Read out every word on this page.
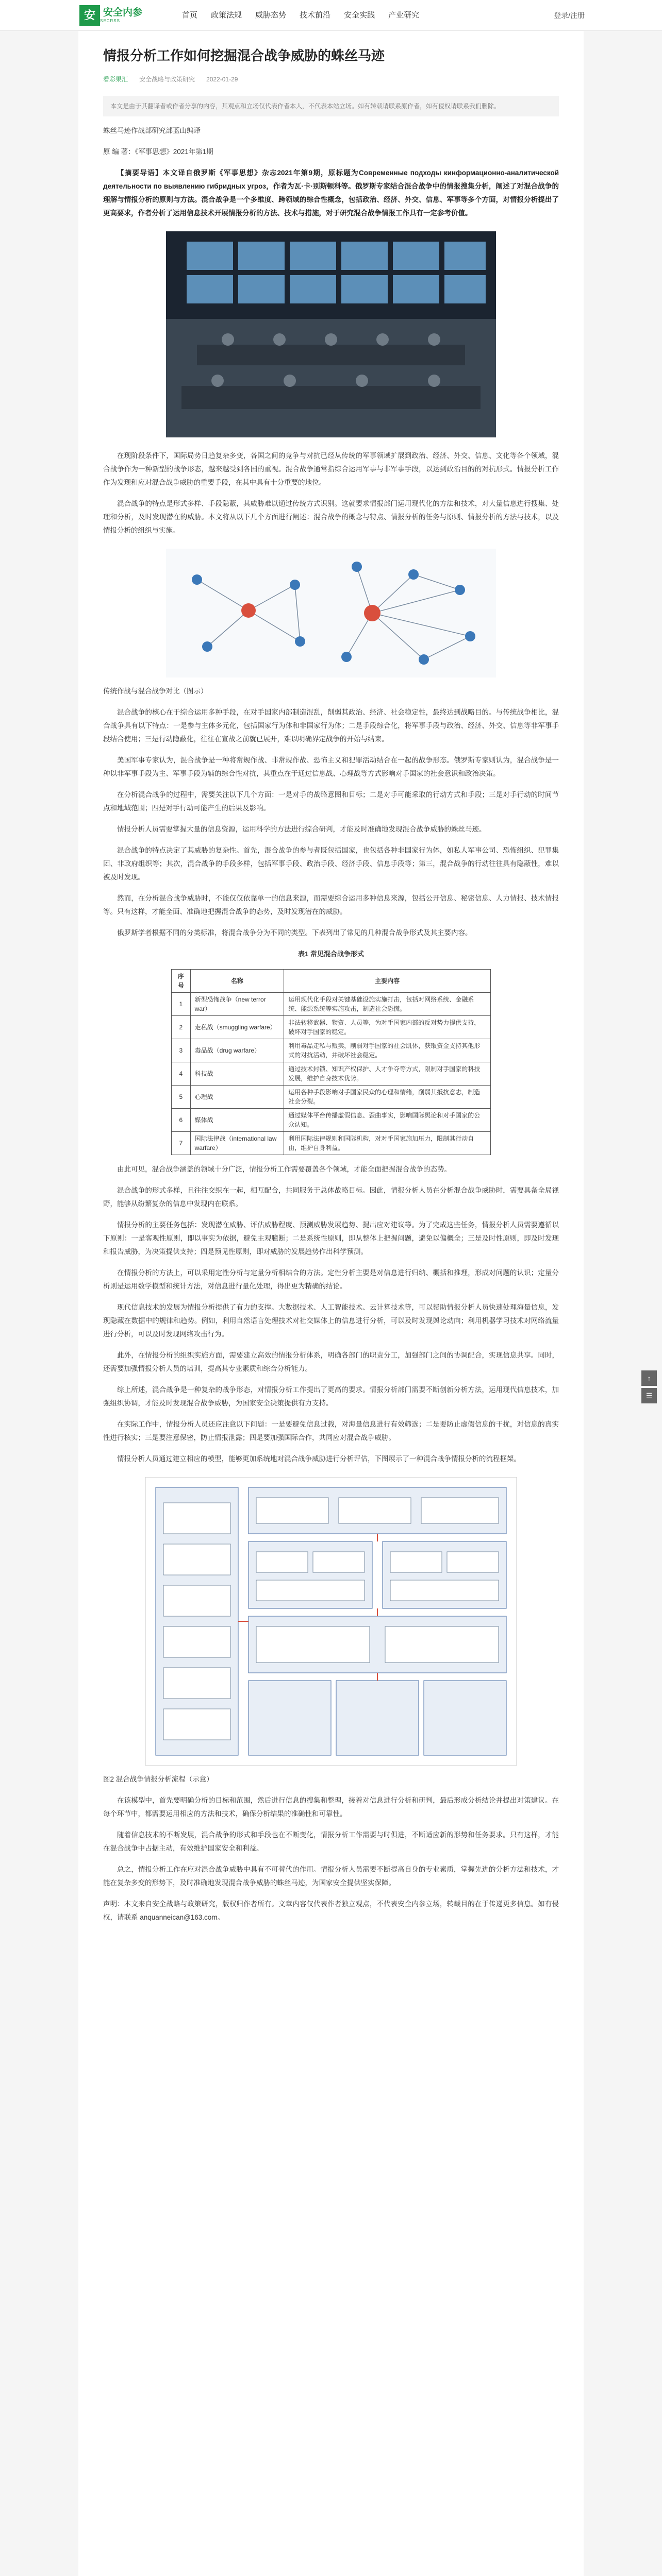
安 安全内参
SECRSS
首页	政策法规	威胁态势	技术前沿	安全实践	产业研究	登录/注册
情报分析工作如何挖掘混合战争威胁的蛛丝马迹
看彩果汇 安全战略与政策研究 2022-01-29
本文是由于其翻译者或作者分享的内容，其观点和立场仅代表作者本人，不代表本站立场。如有转载请联系原作者，如有侵权请联系我们删除。

蛛丝马迹作战部研究部蓝山编译

原 编 著：《军事思想》2021年第1期

【摘要导语】本文译自俄罗斯《军事思想》杂志2021年第9期，原标题为Современные подходы кинформационно-аналитической деятельности по выявлению гибридных угроз，作者为瓦·卡·别斯顿科等。俄罗斯专家结合混合战争中的情报搜集分析，阐述了对混合战争的理解与情报分析的原则与方法。混合战争是一个多维度、跨领域的综合性概念，包括政治、经济、外交、信息、军事等多个方面，对情报分析提出了更高要求，作者分析了运用信息技术开展情报分析的方法、技术与措施，对于研究混合战争情报工作具有一定参考价值。

在现阶段条件下，国际局势日趋复杂多变，各国之间的竞争与对抗已经从传统的军事领域扩展到政治、经济、外交、信息、文化等各个领域，混合战争作为一种新型的战争形态，越来越受到各国的重视。混合战争通常指综合运用军事与非军事手段，以达到政治目的的对抗形式。情报分析工作作为发现和应对混合战争威胁的重要手段，在其中具有十分重要的地位。

混合战争的特点是形式多样、手段隐蔽，其威胁难以通过传统方式识别。这就要求情报部门运用现代化的方法和技术，对大量信息进行搜集、处理和分析，及时发现潜在的威胁。本文将从以下几个方面进行阐述：混合战争的概念与特点、情报分析的任务与原则、情报分析的方法与技术，以及情报分析的组织与实施。

传统作战与混合战争对比（图示）

混合战争的核心在于综合运用多种手段，在对手国家内部制造混乱，削弱其政治、经济、社会稳定性，最终达到战略目的。与传统战争相比，混合战争具有以下特点：一是参与主体多元化，包括国家行为体和非国家行为体；二是手段综合化，将军事手段与政治、经济、外交、信息等非军事手段结合使用；三是行动隐蔽化，往往在宣战之前就已展开，难以明确界定战争的开始与结束。

美国军事专家认为，混合战争是一种将常规作战、非常规作战、恐怖主义和犯罪活动结合在一起的战争形态。俄罗斯专家则认为，混合战争是一种以非军事手段为主、军事手段为辅的综合性对抗，其重点在于通过信息战、心理战等方式影响对手国家的社会意识和政治决策。

在分析混合战争的过程中，需要关注以下几个方面：一是对手的战略意图和目标；二是对手可能采取的行动方式和手段；三是对手行动的时间节点和地域范围；四是对手行动可能产生的后果及影响。

情报分析人员需要掌握大量的信息资源，运用科学的方法进行综合研判，才能及时准确地发现混合战争威胁的蛛丝马迹。

混合战争的特点决定了其威胁的复杂性。首先，混合战争的参与者既包括国家，也包括各种非国家行为体，如私人军事公司、恐怖组织、犯罪集团、非政府组织等；其次，混合战争的手段多样，包括军事手段、政治手段、经济手段、信息手段等；第三，混合战争的行动往往具有隐蔽性，难以被及时发现。

然而，在分析混合战争威胁时，不能仅仅依靠单一的信息来源，而需要综合运用多种信息来源，包括公开信息、秘密信息、人力情报、技术情报等。只有这样，才能全面、准确地把握混合战争的态势，及时发现潜在的威胁。

俄罗斯学者根据不同的分类标准，将混合战争分为不同的类型。下表列出了常见的几种混合战争形式及其主要内容。

表1 常见混合战争形式

序号	名称	主要内容
1	新型恐怖战争（new terror war）	运用现代化手段对关键基础设施实施打击，包括对网络系统、金融系统、能源系统等实施攻击，制造社会恐慌。
2	走私战（smuggling warfare）	非法转移武器、物资、人员等，为对手国家内部的反对势力提供支持，破坏对手国家的稳定。
3	毒品战（drug warfare）	利用毒品走私与贩卖，削弱对手国家的社会肌体，获取资金支持其他形式的对抗活动，并破坏社会稳定。
4	科技战	通过技术封锁、知识产权保护、人才争夺等方式，限制对手国家的科技发展，维护自身技术优势。
5	心理战	运用各种手段影响对手国家民众的心理和情绪，削弱其抵抗意志，制造社会分裂。
6	媒体战	通过媒体平台传播虚假信息、歪曲事实，影响国际舆论和对手国家的公众认知。
7	国际法律战（international law warfare）	利用国际法律规则和国际机构，对对手国家施加压力，限制其行动自由，维护自身利益。

由此可见，混合战争涵盖的领域十分广泛，情报分析工作需要覆盖各个领域，才能全面把握混合战争的态势。

混合战争的形式多样，且往往交织在一起，相互配合，共同服务于总体战略目标。因此，情报分析人员在分析混合战争威胁时，需要具备全局视野，能够从纷繁复杂的信息中发现内在联系。

情报分析的主要任务包括：发现潜在威胁、评估威胁程度、预测威胁发展趋势、提出应对建议等。为了完成这些任务，情报分析人员需要遵循以下原则：一是客观性原则，即以事实为依据，避免主观臆断；二是系统性原则，即从整体上把握问题，避免以偏概全；三是及时性原则，即及时发现和报告威胁，为决策提供支持；四是预见性原则，即对威胁的发展趋势作出科学预测。

在情报分析的方法上，可以采用定性分析与定量分析相结合的方法。定性分析主要是对信息进行归纳、概括和推理，形成对问题的认识；定量分析则是运用数学模型和统计方法，对信息进行量化处理，得出更为精确的结论。

现代信息技术的发展为情报分析提供了有力的支撑。大数据技术、人工智能技术、云计算技术等，可以帮助情报分析人员快速处理海量信息，发现隐藏在数据中的规律和趋势。例如，利用自然语言处理技术对社交媒体上的信息进行分析，可以及时发现舆论动向；利用机器学习技术对网络流量进行分析，可以及时发现网络攻击行为。

此外，在情报分析的组织实施方面，需要建立高效的情报分析体系，明确各部门的职责分工，加强部门之间的协调配合，实现信息共享。同时，还需要加强情报分析人员的培训，提高其专业素质和综合分析能力。

综上所述，混合战争是一种复杂的战争形态，对情报分析工作提出了更高的要求。情报分析部门需要不断创新分析方法，运用现代信息技术，加强组织协调，才能及时发现混合战争威胁，为国家安全决策提供有力支持。

在实际工作中，情报分析人员还应注意以下问题：一是要避免信息过载，对海量信息进行有效筛选；二是要防止虚假信息的干扰，对信息的真实性进行核实；三是要注意保密，防止情报泄露；四是要加强国际合作，共同应对混合战争威胁。

情报分析人员通过建立相应的模型，能够更加系统地对混合战争威胁进行分析评估，下图展示了一种混合战争情报分析的流程框架。

图2 混合战争情报分析流程（示意）

在该模型中，首先要明确分析的目标和范围，然后进行信息的搜集和整理，接着对信息进行分析和研判，最后形成分析结论并提出对策建议。在每个环节中，都需要运用相应的方法和技术，确保分析结果的准确性和可靠性。

随着信息技术的不断发展，混合战争的形式和手段也在不断变化，情报分析工作需要与时俱进，不断适应新的形势和任务要求。只有这样，才能在混合战争中占据主动，有效维护国家安全和利益。

总之，情报分析工作在应对混合战争威胁中具有不可替代的作用。情报分析人员需要不断提高自身的专业素质，掌握先进的分析方法和技术，才能在复杂多变的形势下，及时准确地发现混合战争威胁的蛛丝马迹，为国家安全提供坚实保障。

声明：本文来自安全战略与政策研究，版权归作者所有。文章内容仅代表作者独立观点，不代表安全内参立场，转载目的在于传递更多信息。如有侵权，请联系 anquanneican@163.com。

↑
☰
